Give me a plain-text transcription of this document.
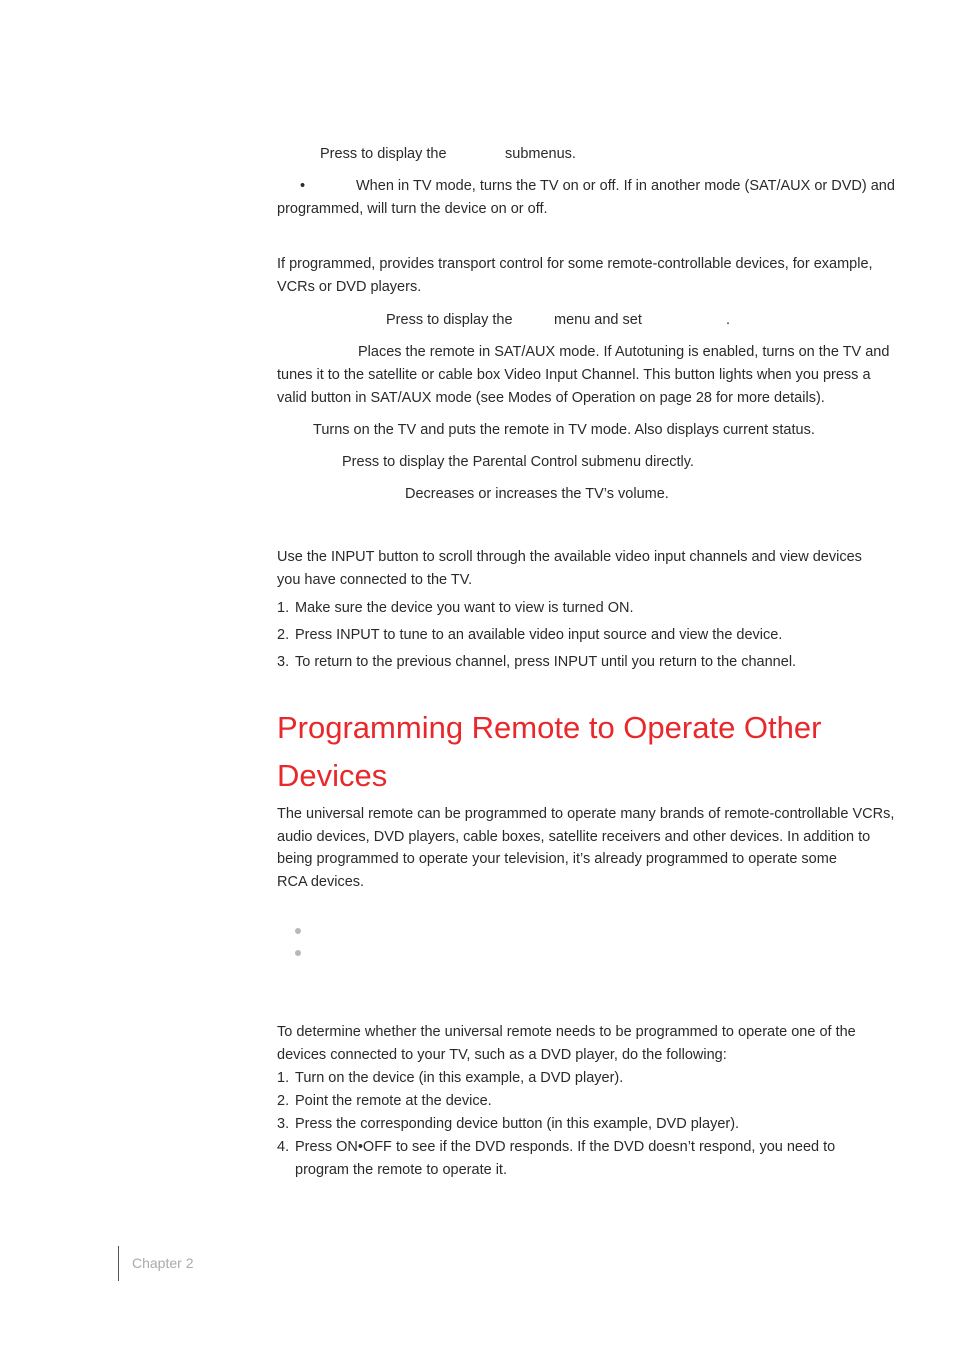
Press to display the	submenus.

•	When in TV mode, turns the TV on or off. If in another mode (SAT/AUX or DVD) and

programmed, will turn the device on or off.

If programmed, provides transport control for some remote-controllable devices, for example, VCRs or DVD players.

Press to display the	menu and set	.

Places the remote in SAT/AUX mode. If Autotuning is enabled, turns on the TV and

tunes it to the satellite or cable box Video Input Channel. This button lights when you press a valid button in SAT/AUX mode (see Modes of Operation on page 28 for more details).

Turns on the TV and puts the remote in TV mode. Also displays current status.

Press to display the Parental Control submenu directly.

Decreases or increases the TV’s volume.

Use the INPUT button to scroll through the available video input channels and view devices you have connected to the TV.

1. Make sure the device you want to view is turned ON.
2. Press INPUT to tune to an available video input source and view the device.
3. To return to the previous channel, press INPUT until you return to the channel.
Programming Remote to Operate Other Devices

The universal remote can be programmed to operate many brands of remote-controllable VCRs,

audio devices, DVD players, cable boxes, satellite receivers and other devices. In addition to

being programmed to operate your television, it’s already programmed to operate some

RCA devices.

To determine whether the universal remote needs to be programmed to operate one of the devices connected to your TV, such as a DVD player, do the following:

1. Turn on the device (in this example, a DVD player).
2. Point the remote at the device.
3. Press the corresponding device button (in this example, DVD player).
4. Press ON•OFF to see if the DVD responds. If the DVD doesn’t respond, you need to program the remote to operate it.
Chapter 2
